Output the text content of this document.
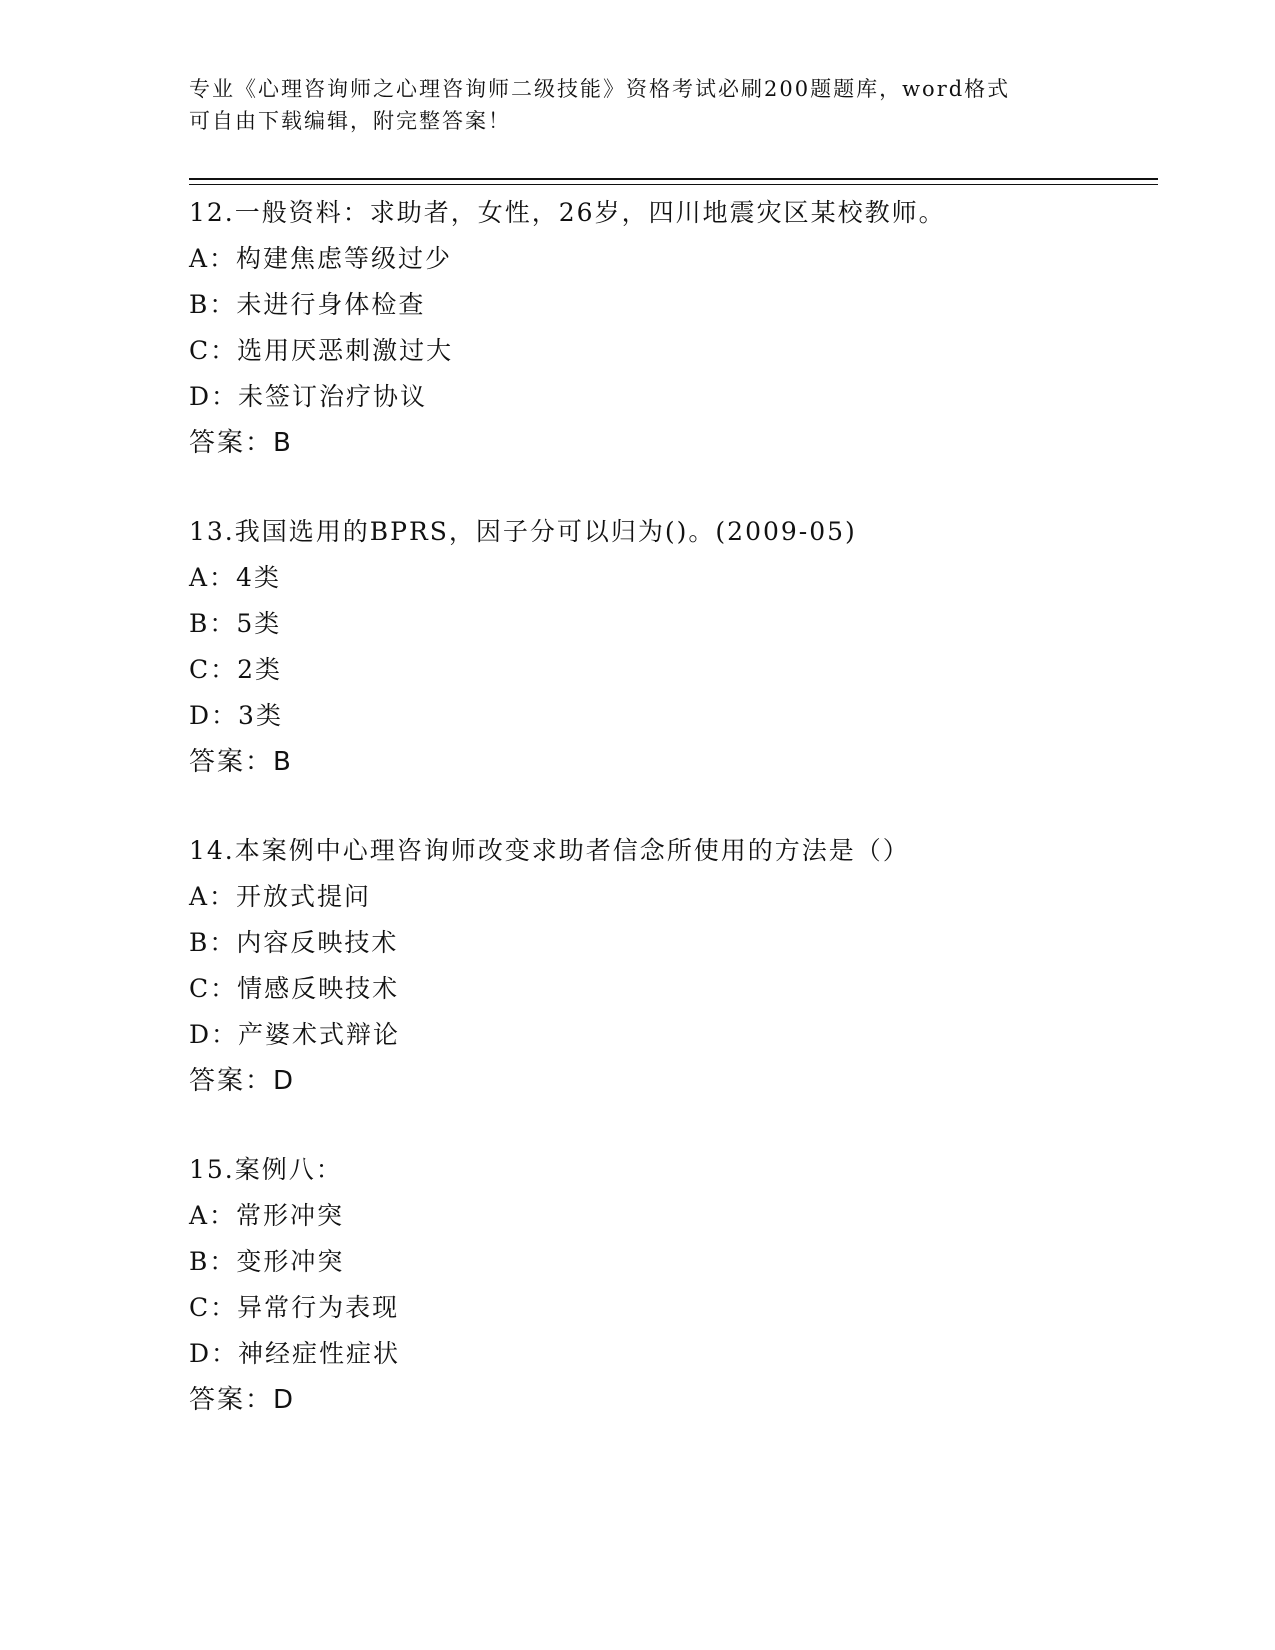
专业《心理咨询师之心理咨询师二级技能》资格考试必刷200题题库，word格式
可自由下载编辑，附完整答案！
12.一般资料：求助者，女性，26岁，四川地震灾区某校教师。
A：构建焦虑等级过少
B：未进行身体检查
C：选用厌恶刺激过大
D：未签订治疗协议
答案：B
13.我国选用的BPRS，因子分可以归为()。(2009-05)
A：4类
B：5类
C：2类
D：3类
答案：B
14.本案例中心理咨询师改变求助者信念所使用的方法是（）
A：开放式提问
B：内容反映技术
C：情感反映技术
D：产婆术式辩论
答案：D
15.案例八：
A：常形冲突
B：变形冲突
C：异常行为表现
D：神经症性症状
答案：D
